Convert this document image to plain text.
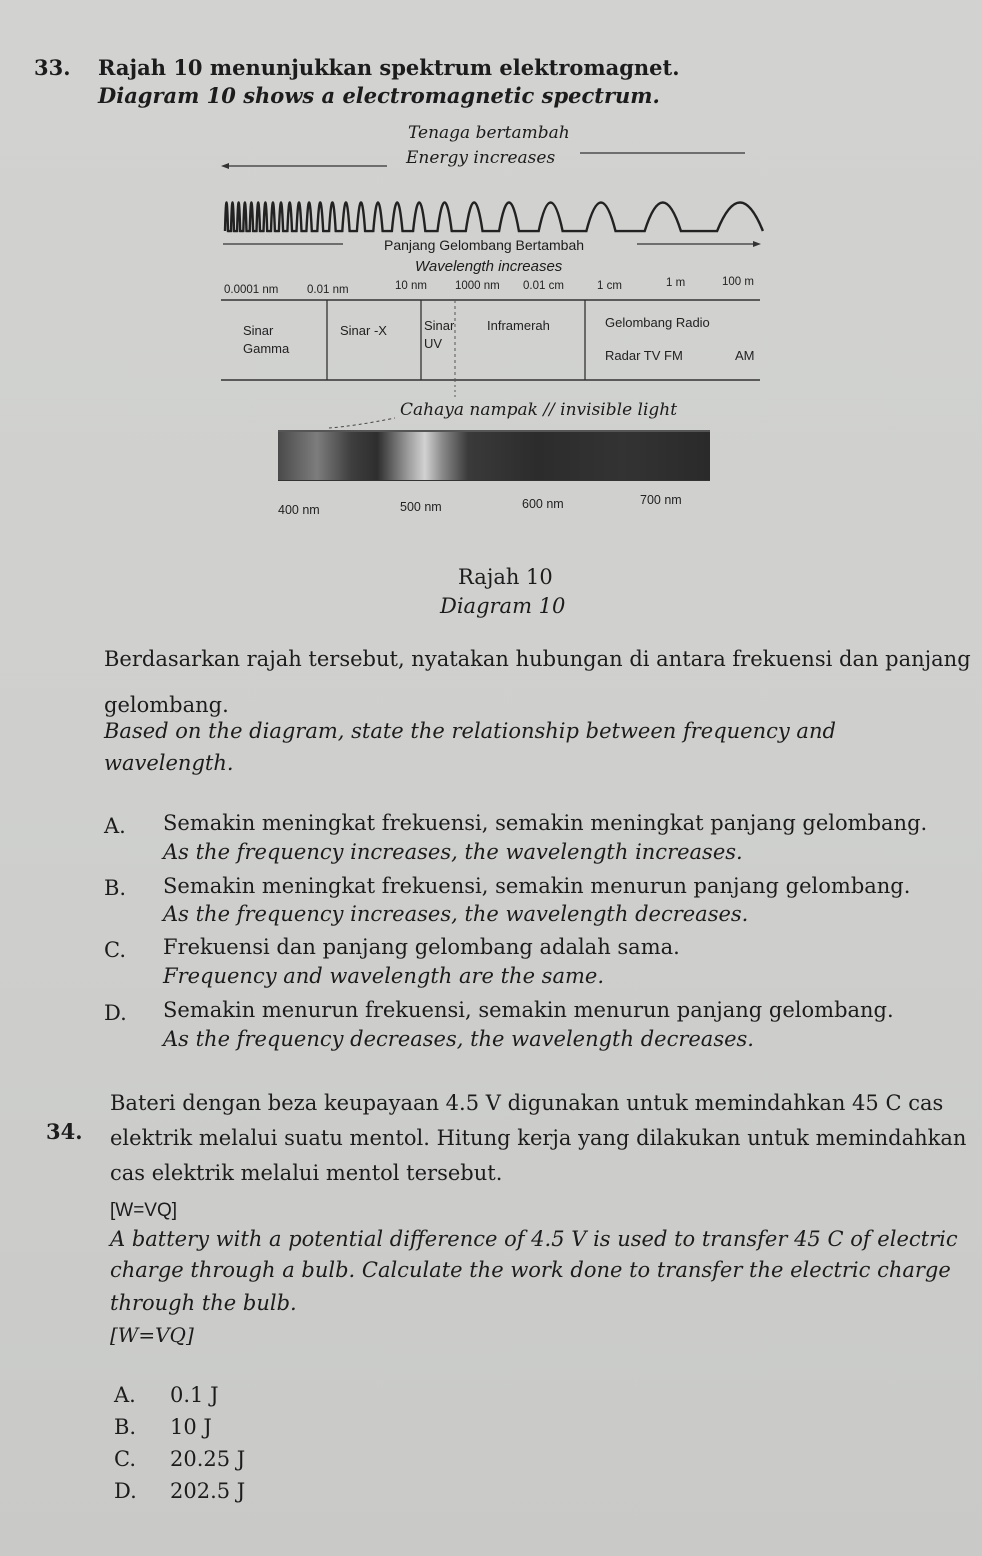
33. Rajah 10 menunjukkan spektrum elektromagnet.
Diagram 10 shows a electromagnetic spectrum.
Tenaga bertambah
Energy increases
Panjang Gelombang Bertambah
Wavelength increases
0.0001 nm 0.01 nm	10 nm 1000 nm 0.01 cm	1 cm	1 m	100 m
Sinar
Gamma
Sinar -X	Sinar
UV
Inframerah	Gelombang Radio
Radar TV FM	AM
Cahaya nampak // invisible light
400 nm	500 nm	600 nm	700 nm
Rajah 10
Diagram 10
Berdasarkan rajah tersebut, nyatakan hubungan di antara frekuensi dan panjang
gelombang.
Based on the diagram, state the relationship between frequency and
wavelength.
A. Semakin meningkat frekuensi, semakin meningkat panjang gelombang.
As the frequency increases, the wavelength increases.
B. Semakin meningkat frekuensi, semakin menurun panjang gelombang.
As the frequency increases, the wavelength decreases.
C. Frekuensi dan panjang gelombang adalah sama.
Frequency and wavelength are the same.
D. Semakin menurun frekuensi, semakin menurun panjang gelombang.
As the frequency decreases, the wavelength decreases.
34.
Bateri dengan beza keupayaan 4.5 V digunakan untuk memindahkan 45 C cas
elektrik melalui suatu mentol. Hitung kerja yang dilakukan untuk memindahkan
cas elektrik melalui mentol tersebut.
[W=VQ]
A battery with a potential difference of 4.5 V is used to transfer 45 C of electric
charge through a bulb. Calculate the work done to transfer the electric charge
through the bulb.
[W=VQ]
A. 0.1 J
B. 10 J
C. 20.25 J
D. 202.5 J
